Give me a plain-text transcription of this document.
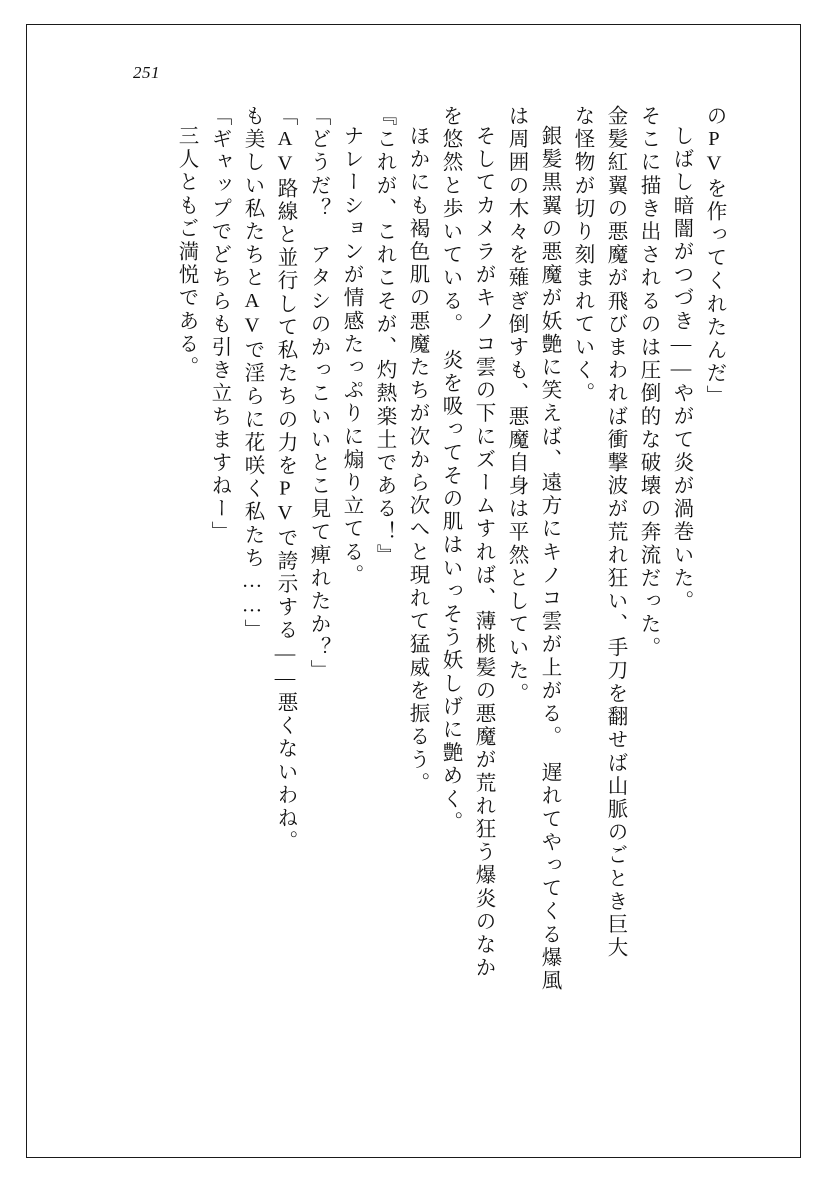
251
のPVを作ってくれたんだ」
しばし暗闇がつづき——やがて炎が渦巻いた。
そこに描き出されるのは圧倒的な破壊の奔流だった。
金髪紅翼の悪魔が飛びまわれば衝撃波が荒れ狂い、手刀を翻せば山脈のごとき巨大
な怪物が切り刻まれていく。
銀髪黒翼の悪魔が妖艶に笑えば、遠方にキノコ雲が上がる。　遅れてやってくる爆風
は周囲の木々を薙ぎ倒すも、悪魔自身は平然としていた。
そしてカメラがキノコ雲の下にズームすれば、薄桃髪の悪魔が荒れ狂う爆炎のなか
を悠然と歩いている。　炎を吸ってその肌はいっそう妖しげに艶めく。
ほかにも褐色肌の悪魔たちが次から次へと現れて猛威を振るう。
『これが、これこそが、灼熱楽土である！』
ナレーションが情感たっぷりに煽り立てる。
「どうだ？　アタシのかっこいいとこ見て痺れたか？」
「AV路線と並行して私たちの力をPVで誇示する——悪くないわね。
も美しい私たちとAVで淫らに花咲く私たち……」
「ギャップでどちらも引き立ちますねー」
三人ともご満悦である。
